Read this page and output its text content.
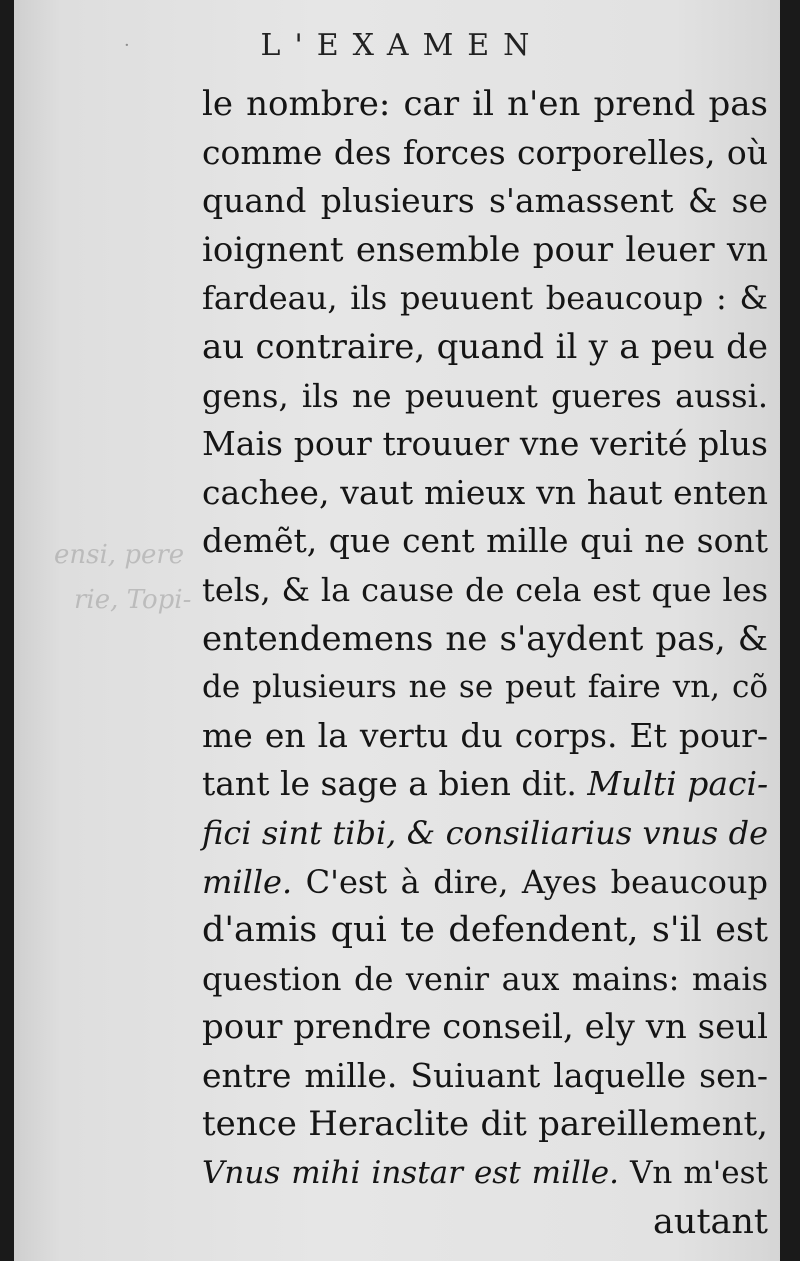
ensi, pere
rie, Topi-
·	L'EXAMEN
le nombre: car il n'en prend pas
comme des forces corporelles, où
quand plusieurs s'amassent & se
ioignent ensemble pour leuer vn
fardeau, ils peuuent beaucoup : &
au contraire, quand il y a peu de
gens, ils ne peuuent gueres aussi.
Mais pour trouuer vne verité plus
cachee, vaut mieux vn haut enten
demẽt, que cent mille qui ne sont
tels, & la cause de cela est que les
entendemens ne s'aydent pas, &
de plusieurs ne se peut faire vn, cõ
me en la vertu du corps. Et pour-
tant le sage a bien dit. Multi paci-
fici sint tibi, & consiliarius vnus de
mille. C'est à dire, Ayes beaucoup
d'amis qui te defendent, s'il est
question de venir aux mains: mais
pour prendre conseil, ely vn seul
entre mille. Suiuant laquelle sen-
tence Heraclite dit pareillement,
Vnus mihi instar est mille. Vn m'est
autant
